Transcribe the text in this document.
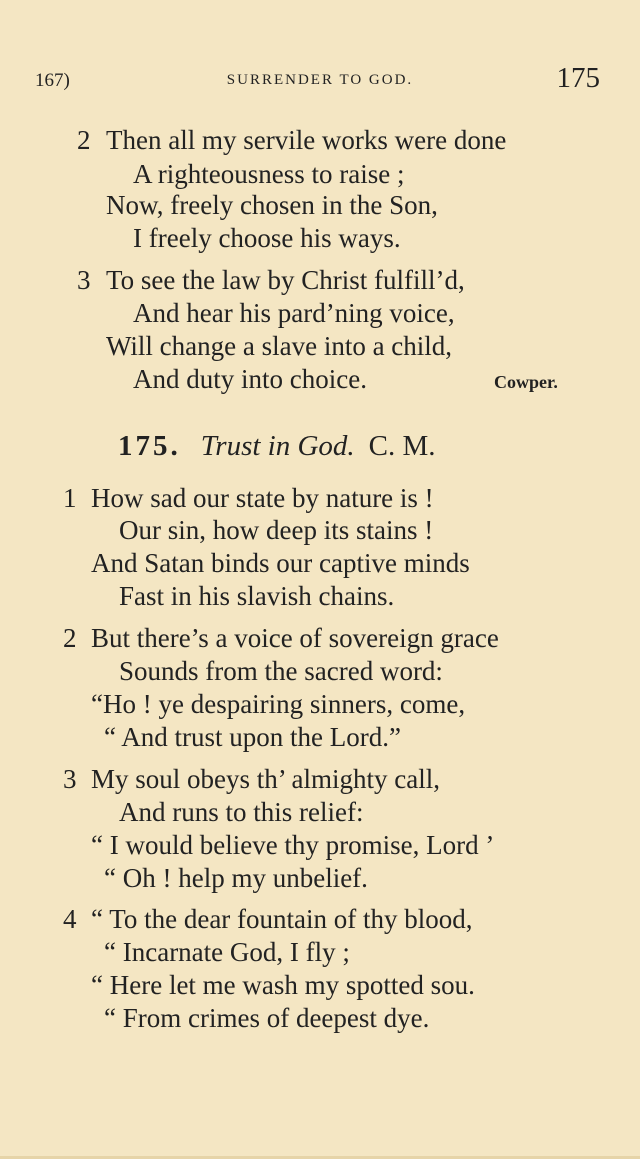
167)	SURRENDER TO GOD.	175
2 Then all my servile works were done
A righteousness to raise ;
Now, freely chosen in the Son,
I freely choose his ways.
3 To see the law by Christ fulfill’d,
And hear his pard’ning voice,
Will change a slave into a child,
And duty into choice.	Cowper.
175. Trust in God. C. M.
1 How sad our state by nature is !
Our sin, how deep its stains !
And Satan binds our captive minds
Fast in his slavish chains.
2 But there’s a voice of sovereign grace
Sounds from the sacred word:
“Ho ! ye despairing sinners, come,
“ And trust upon the Lord.”
3 My soul obeys th’ almighty call,
And runs to this relief:
“ I would believe thy promise, Lord ’
“ Oh ! help my unbelief.
4 “ To the dear fountain of thy blood,
“ Incarnate God, I fly ;
“ Here let me wash my spotted sou.
“ From crimes of deepest dye.
